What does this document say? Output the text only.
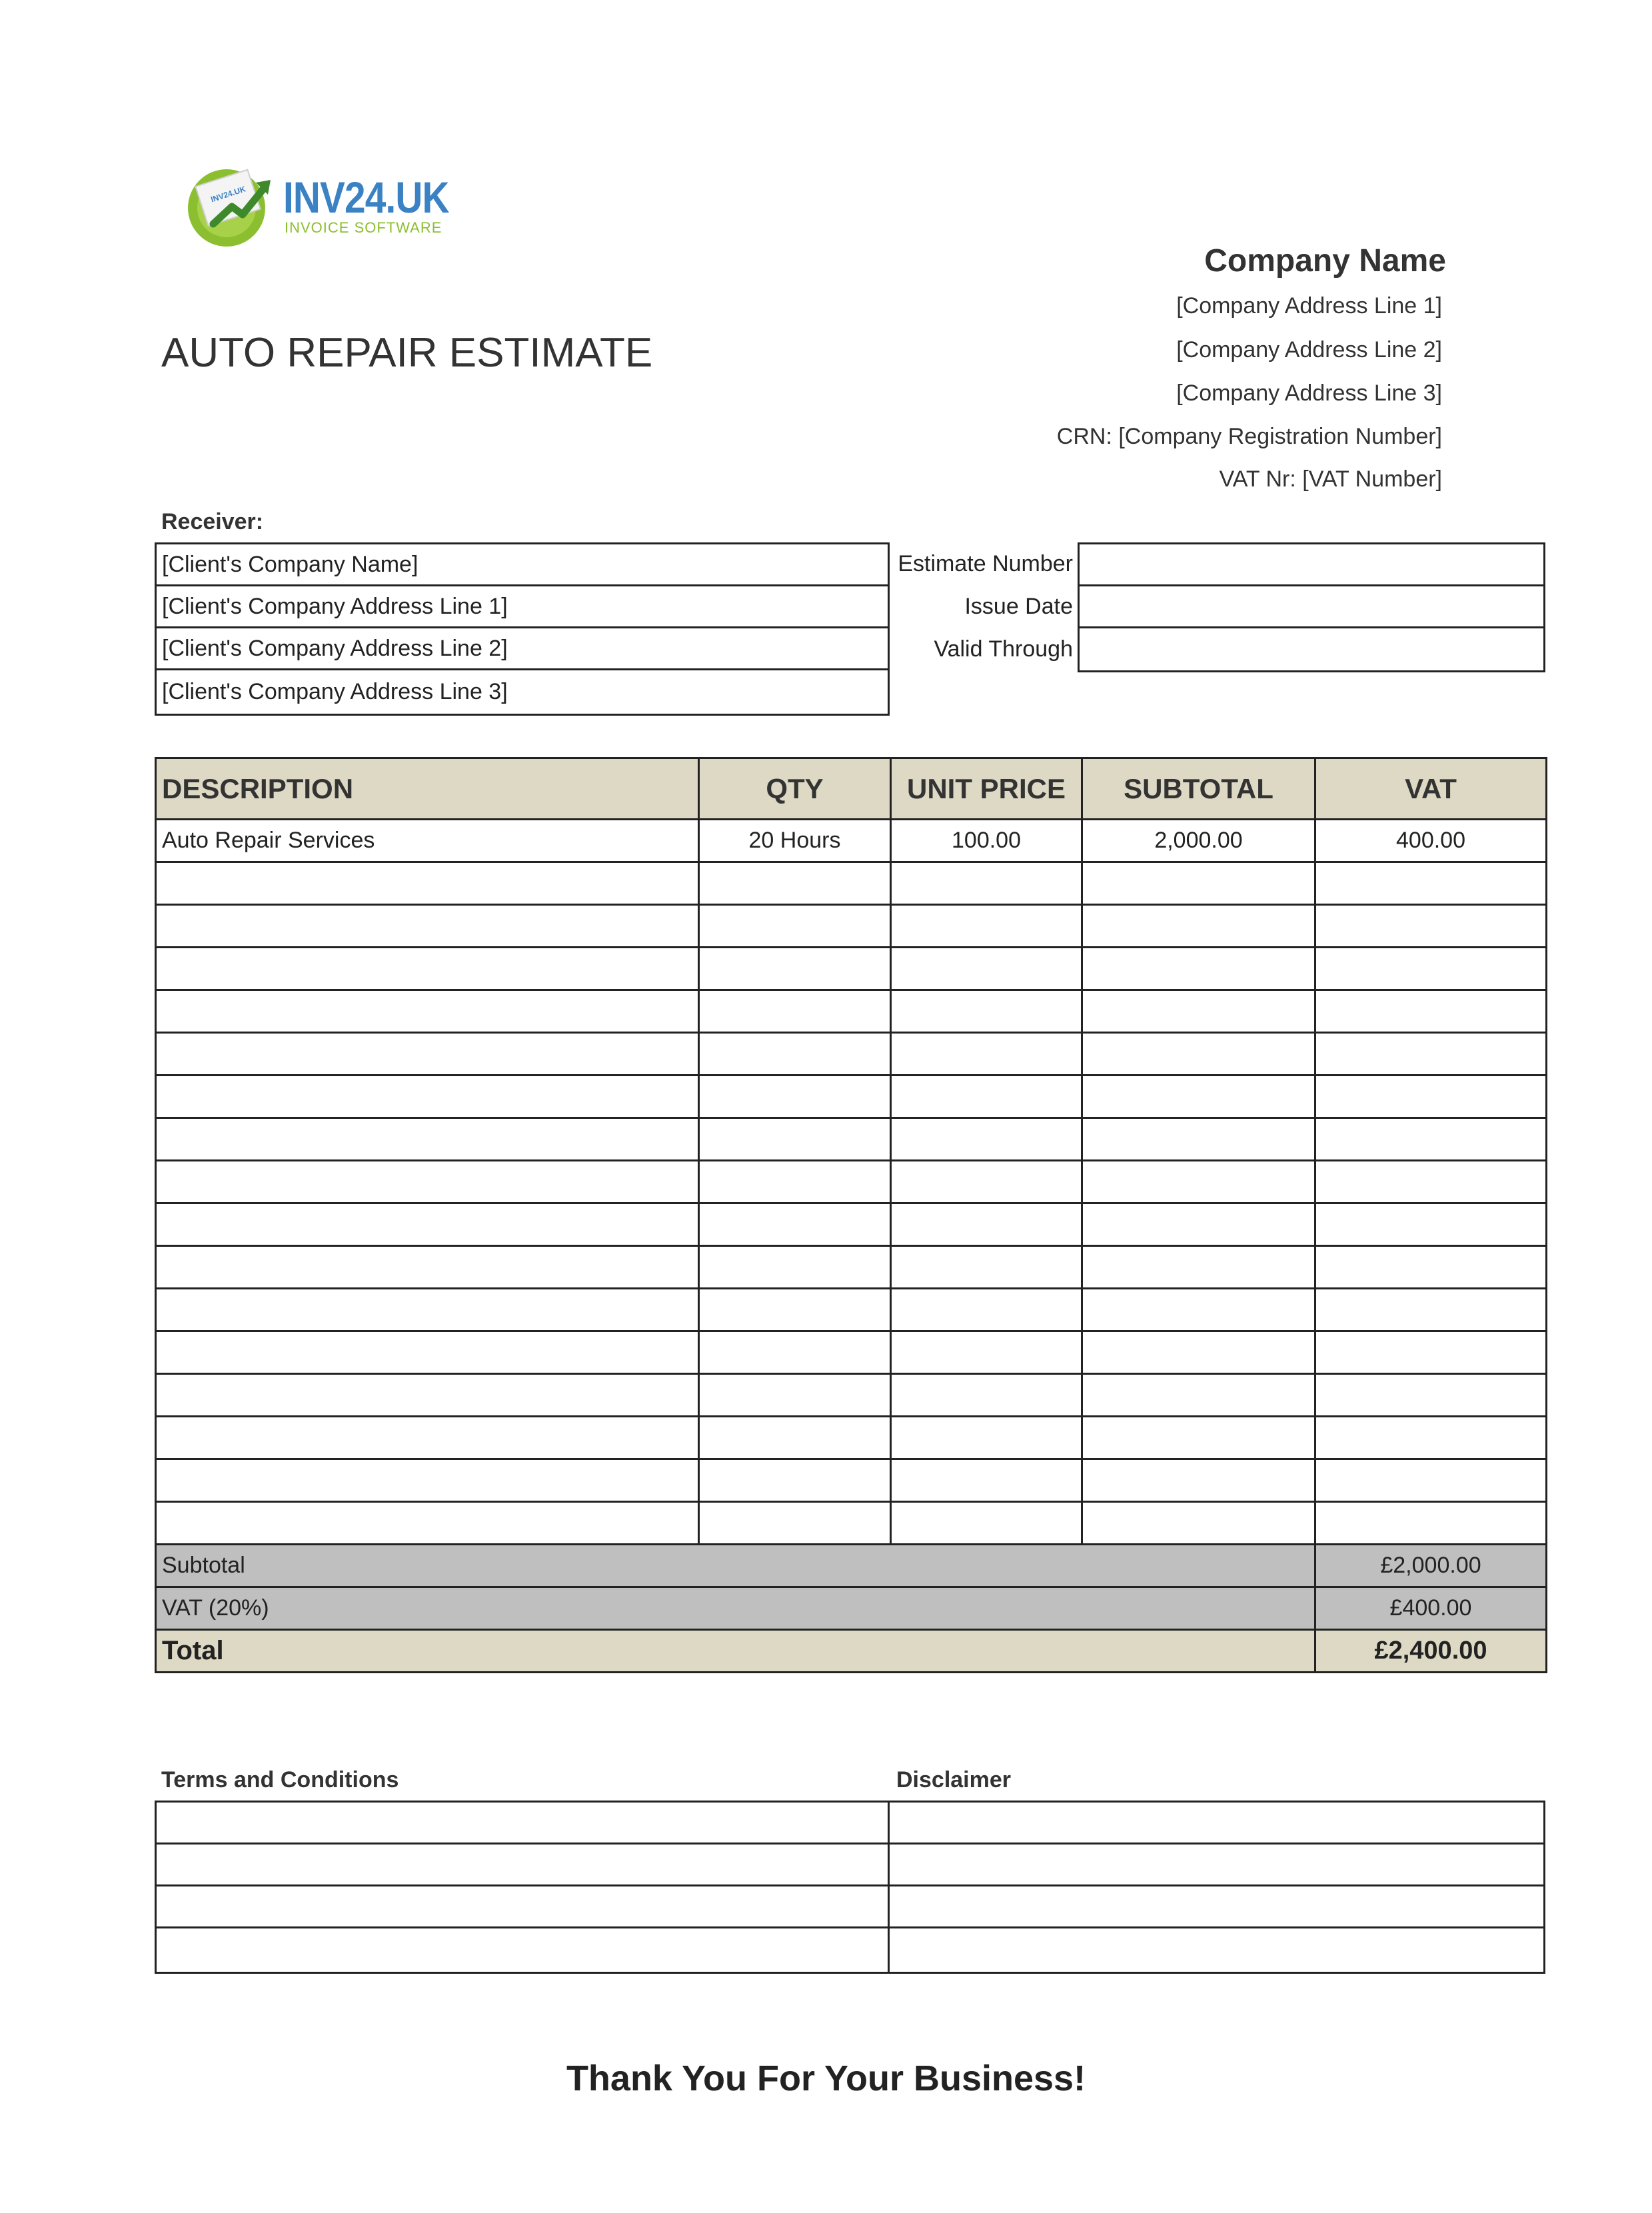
INV24.UK INV24.UK
INVOICE SOFTWARE
AUTO REPAIR ESTIMATE
Company Name
[Company Address Line 1]
[Company Address Line 2]
[Company Address Line 3]
CRN: [Company Registration Number]
VAT Nr: [VAT Number]
Receiver:
[Client's Company Name]
[Client's Company Address Line 1]
[Client's Company Address Line 2]
[Client's Company Address Line 3]
Estimate Number
Issue Date
Valid Through
DESCRIPTION	QTY	UNIT PRICE	SUBTOTAL	VAT
Auto Repair Services	20 Hours	100.00	2,000.00	400.00

Subtotal				£2,000.00
VAT (20%)				£400.00
Total				£2,400.00
Terms and Conditions	Disclaimer
Thank You For Your Business!
